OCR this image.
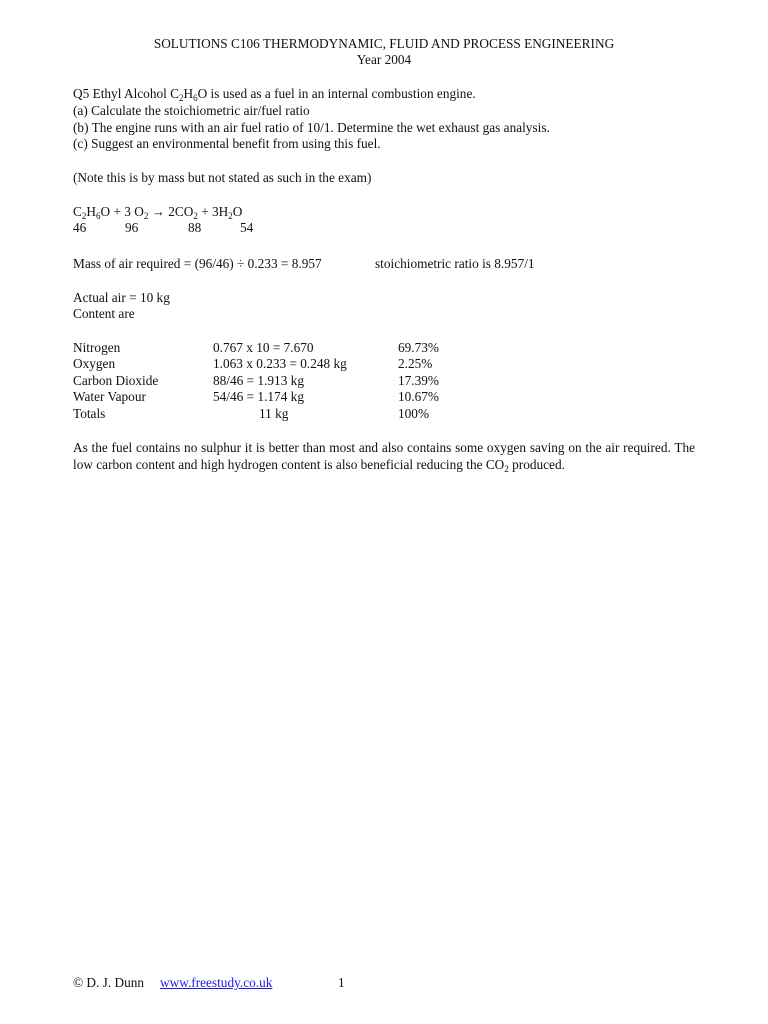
SOLUTIONS C106 THERMODYNAMIC, FLUID AND PROCESS ENGINEERING
Year 2004
Q5 Ethyl Alcohol $C_2H_6O$ is used as a fuel in an internal combustion engine.
(a) Calculate the stoichiometric air/fuel ratio
(b) The engine runs with an air fuel ratio of 10/1. Determine the wet exhaust gas analysis.
(c) Suggest an environmental benefit from using this fuel.
(Note this is by mass but not stated as such in the exam)
$C_2H_6O + 3$ $O_2 \to 2CO_2 + 3H_2O$
46	96	88	54
Mass of air required = (96/46) ÷ 0.233 = 8.957	stoichiometric ratio is 8.957/1
Actual air = 10 kg
Content are
Nitrogen	0.767 x 10 = 7.670	69.73%
Oxygen	1.063 x 0.233 = 0.248 kg	2.25%
Carbon Dioxide	88/46 = 1.913 kg	17.39%
Water Vapour	54/46 = 1.174 kg	10.67%
Totals	11 kg	100%
As the fuel contains no sulphur it is better than most and also contains some oxygen saving on the air required. The low carbon content and high hydrogen content is also beneficial reducing the $CO_2$ produced.
© D. J. Dunn www.freestudy.co.uk	1
